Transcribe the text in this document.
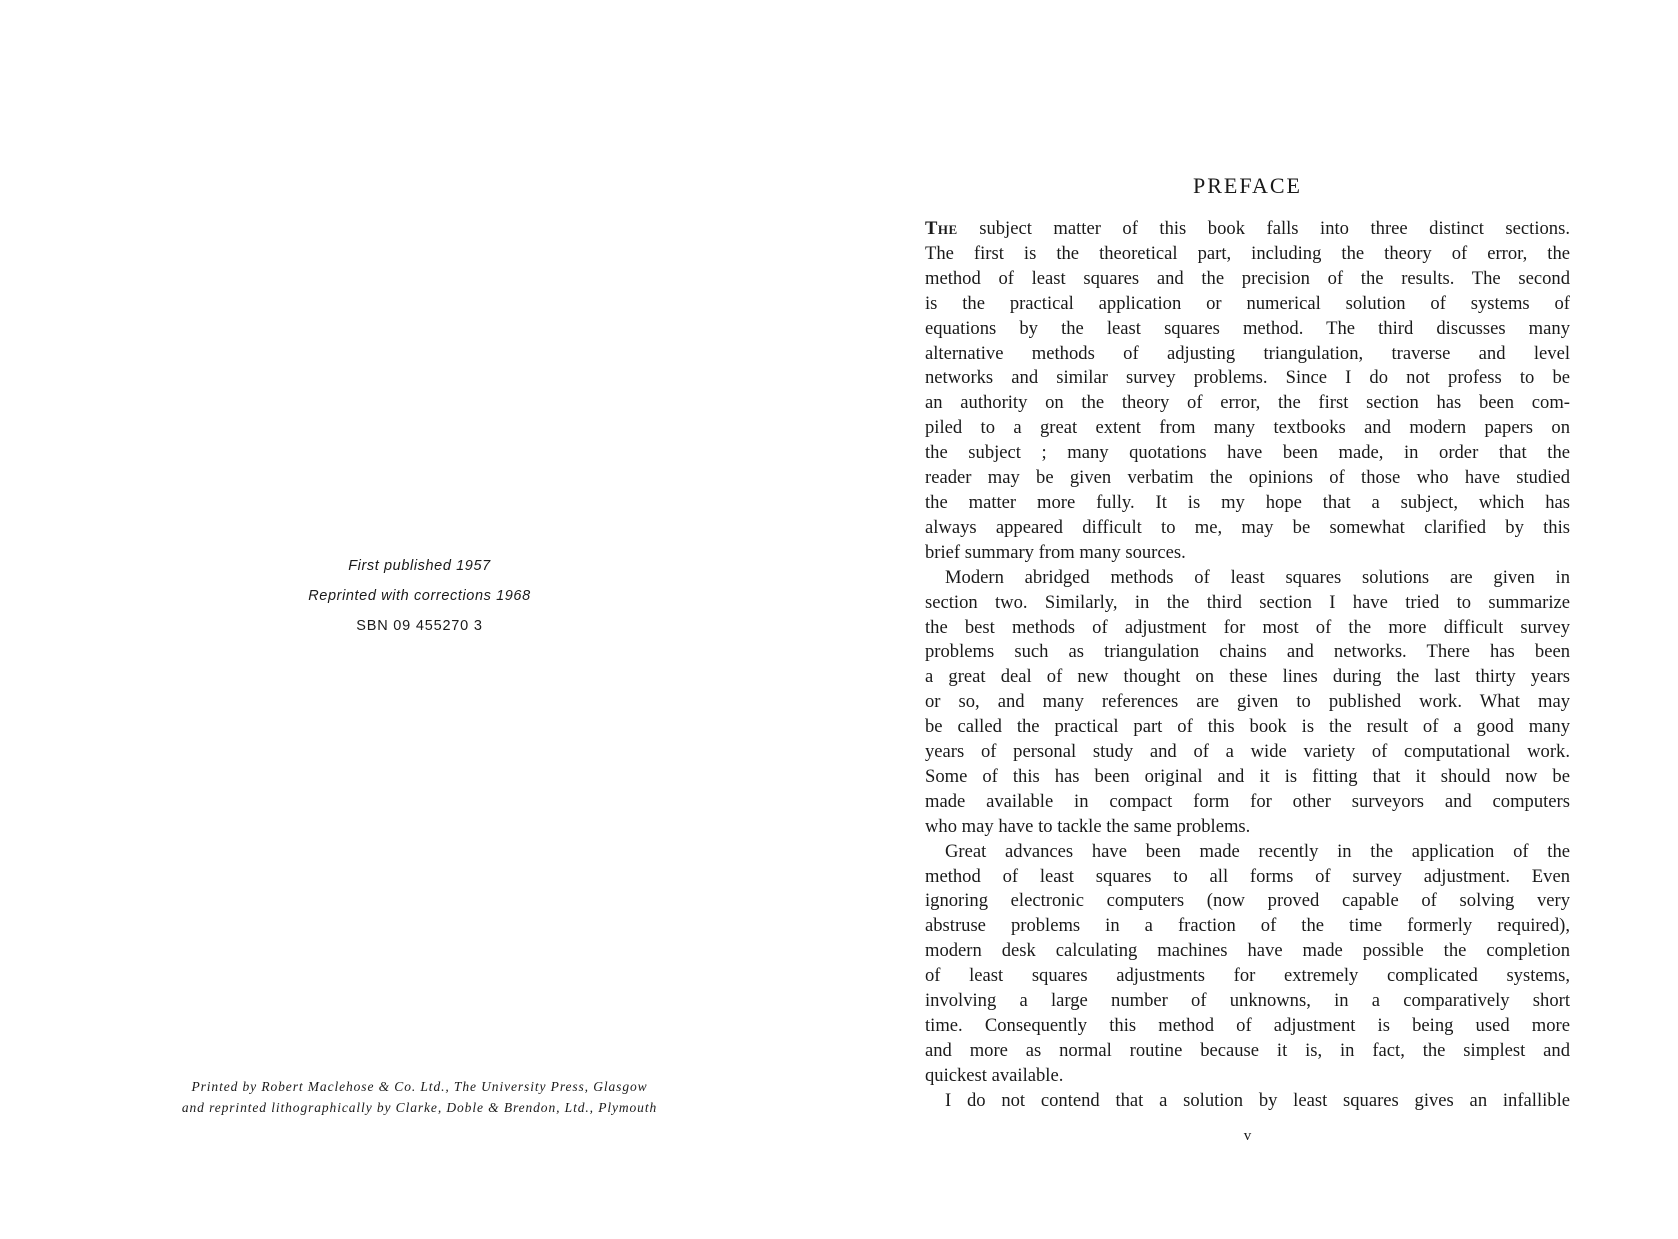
First published 1957
Reprinted with corrections 1968
SBN 09 455270 3
Printed by Robert Maclehose & Co. Ltd., The University Press, Glasgow
and reprinted lithographically by Clarke, Doble & Brendon, Ltd., Plymouth
PREFACE

The subject matter of this book falls into three distinct sections.
The first is the theoretical part, including the theory of error, the
method of least squares and the precision of the results. The second
is the practical application or numerical solution of systems of
equations by the least squares method. The third discusses many
alternative methods of adjusting triangulation, traverse and level
networks and similar survey problems. Since I do not profess to be
an authority on the theory of error, the first section has been com-
piled to a great extent from many textbooks and modern papers on
the subject ; many quotations have been made, in order that the
reader may be given verbatim the opinions of those who have studied
the matter more fully. It is my hope that a subject, which has
always appeared difficult to me, may be somewhat clarified by this
brief summary from many sources.

Modern abridged methods of least squares solutions are given in
section two. Similarly, in the third section I have tried to summarize
the best methods of adjustment for most of the more difficult survey
problems such as triangulation chains and networks. There has been
a great deal of new thought on these lines during the last thirty years
or so, and many references are given to published work. What may
be called the practical part of this book is the result of a good many
years of personal study and of a wide variety of computational work.
Some of this has been original and it is fitting that it should now be
made available in compact form for other surveyors and computers
who may have to tackle the same problems.

Great advances have been made recently in the application of the
method of least squares to all forms of survey adjustment. Even
ignoring electronic computers (now proved capable of solving very
abstruse problems in a fraction of the time formerly required),
modern desk calculating machines have made possible the completion
of least squares adjustments for extremely complicated systems,
involving a large number of unknowns, in a comparatively short
time. Consequently this method of adjustment is being used more
and more as normal routine because it is, in fact, the simplest and
quickest available.

I do not contend that a solution by least squares gives an infallible

v
